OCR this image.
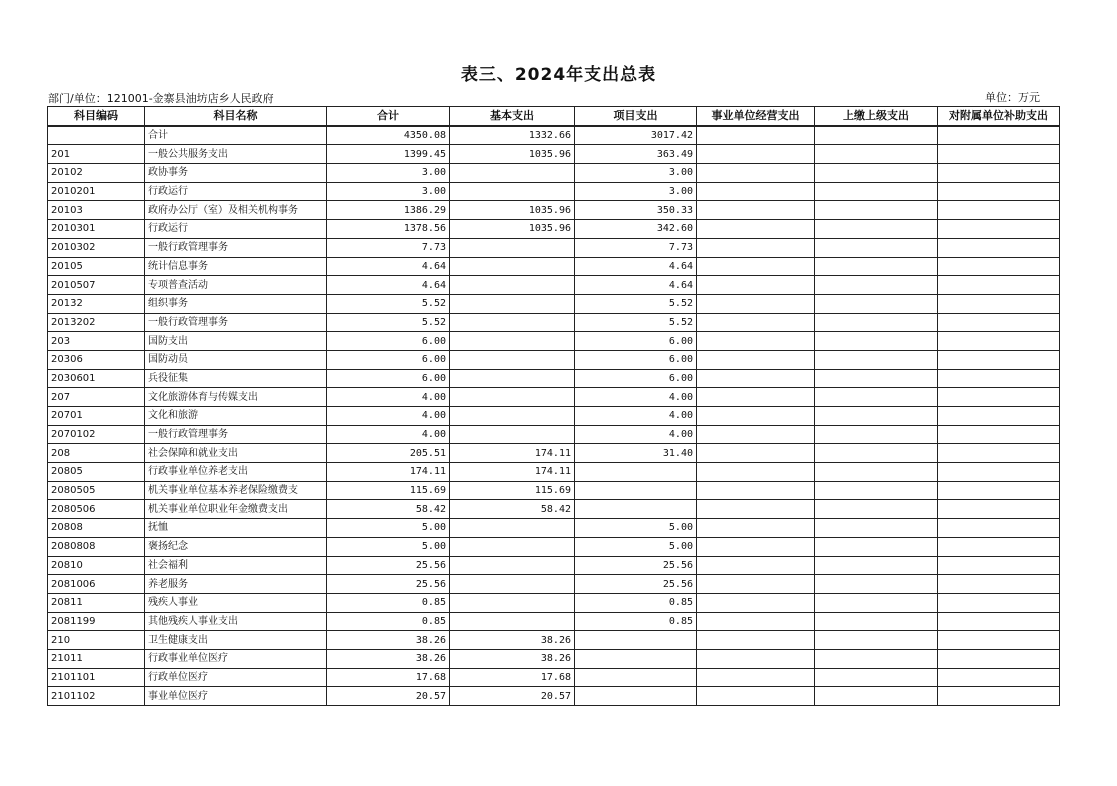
表三、2024年支出总表
部门/单位：121001-金寨县油坊店乡人民政府	单位：万元
科目编码	科目名称	合计	基本支出	项目支出	事业单位经营支出	上缴上级支出	对附属单位补助支出
	合计	4350.08	1332.66	3017.42			
201	一般公共服务支出	1399.45	1035.96	363.49			
20102	政协事务	3.00		3.00			
2010201	行政运行	3.00		3.00			
20103	政府办公厅（室）及相关机构事务	1386.29	1035.96	350.33			
2010301	行政运行	1378.56	1035.96	342.60			
2010302	一般行政管理事务	7.73		7.73			
20105	统计信息事务	4.64		4.64			
2010507	专项普查活动	4.64		4.64			
20132	组织事务	5.52		5.52			
2013202	一般行政管理事务	5.52		5.52			
203	国防支出	6.00		6.00			
20306	国防动员	6.00		6.00			
2030601	兵役征集	6.00		6.00			
207	文化旅游体育与传媒支出	4.00		4.00			
20701	文化和旅游	4.00		4.00			
2070102	一般行政管理事务	4.00		4.00			
208	社会保障和就业支出	205.51	174.11	31.40			
20805	行政事业单位养老支出	174.11	174.11				
2080505	机关事业单位基本养老保险缴费支	115.69	115.69				
2080506	机关事业单位职业年金缴费支出	58.42	58.42				
20808	抚恤	5.00		5.00			
2080808	褒扬纪念	5.00		5.00			
20810	社会福利	25.56		25.56			
2081006	养老服务	25.56		25.56			
20811	残疾人事业	0.85		0.85			
2081199	其他残疾人事业支出	0.85		0.85			
210	卫生健康支出	38.26	38.26				
21011	行政事业单位医疗	38.26	38.26				
2101101	行政单位医疗	17.68	17.68				
2101102	事业单位医疗	20.57	20.57				
